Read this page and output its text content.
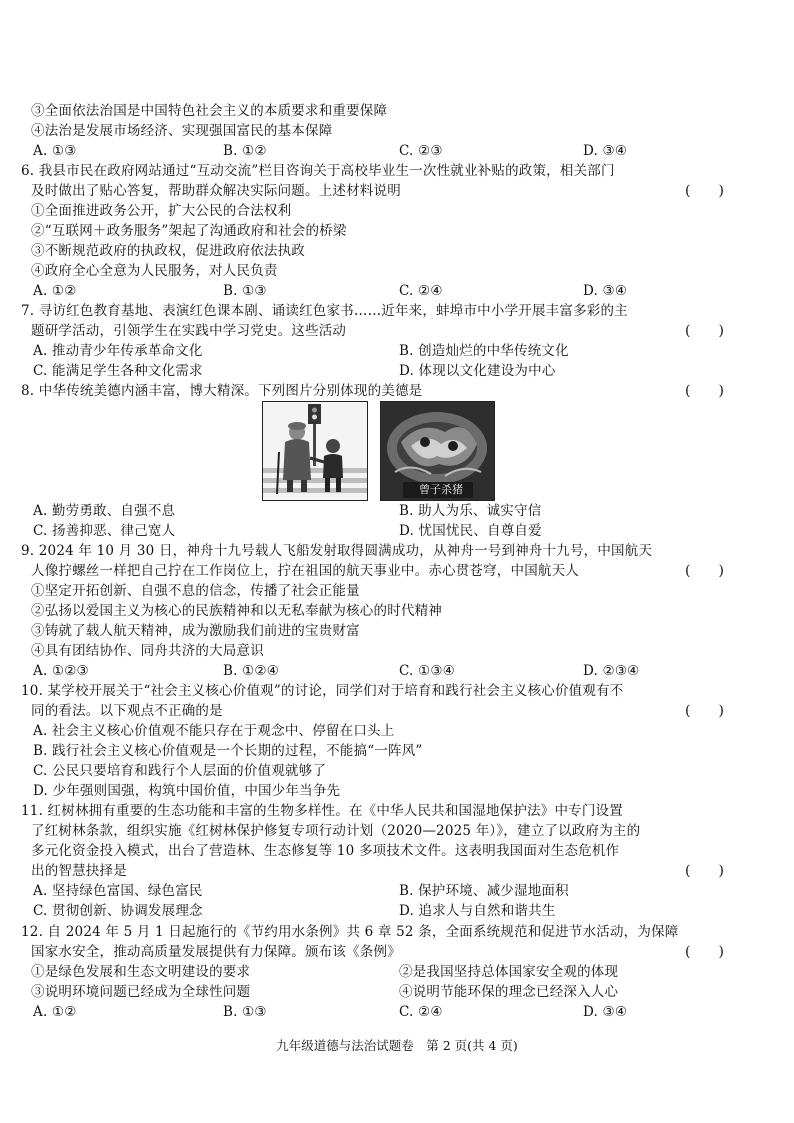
③全面依法治国是中国特色社会主义的本质要求和重要保障
④法治是发展市场经济、实现强国富民的基本保障
A. ①③	B. ①②	C. ②③	D. ③④
6. 我县市民在政府网站通过“互动交流”栏目咨询关于高校毕业生一次性就业补贴的政策，相关部门
及时做出了贴心答复，帮助群众解决实际问题。上述材料说明	(　　)
①全面推进政务公开，扩大公民的合法权利
②“互联网＋政务服务”架起了沟通政府和社会的桥梁
③不断规范政府的执政权，促进政府依法执政
④政府全心全意为人民服务，对人民负责
A. ①②	B. ①③	C. ②④	D. ③④
7. 寻访红色教育基地、表演红色课本剧、诵读红色家书……近年来，蚌埠市中小学开展丰富多彩的主
题研学活动，引领学生在实践中学习党史。这些活动	(　　)
A. 推动青少年传承革命文化	B. 创造灿烂的中华传统文化
C. 能满足学生各种文化需求	D. 体现以文化建设为中心
8. 中华传统美德内涵丰富，博大精深。下列图片分别体现的美德是	(　　)
曾子杀猪
A. 勤劳勇敢、自强不息	B. 助人为乐、诚实守信
C. 扬善抑恶、律己宽人	D. 忧国忧民、自尊自爱
9. 2024 年 10 月 30 日，神舟十九号载人飞船发射取得圆满成功，从神舟一号到神舟十九号，中国航天
人像拧螺丝一样把自己拧在工作岗位上，拧在祖国的航天事业中。赤心贯苍穹，中国航天人	(　　)
①坚定开拓创新、自强不息的信念，传播了社会正能量
②弘扬以爱国主义为核心的民族精神和以无私奉献为核心的时代精神
③铸就了载人航天精神，成为激励我们前进的宝贵财富
④具有团结协作、同舟共济的大局意识
A. ①②③	B. ①②④	C. ①③④	D. ②③④
10. 某学校开展关于“社会主义核心价值观”的讨论，同学们对于培育和践行社会主义核心价值观有不
同的看法。以下观点不正确的是	(　　)
A. 社会主义核心价值观不能只存在于观念中、停留在口头上
B. 践行社会主义核心价值观是一个长期的过程，不能搞“一阵风”
C. 公民只要培育和践行个人层面的价值观就够了
D. 少年强则国强，构筑中国价值，中国少年当争先
11. 红树林拥有重要的生态功能和丰富的生物多样性。在《中华人民共和国湿地保护法》中专门设置
了红树林条款，组织实施《红树林保护修复专项行动计划（2020—2025 年）》，建立了以政府为主的
多元化资金投入模式，出台了营造林、生态修复等 10 多项技术文件。这表明我国面对生态危机作
出的智慧抉择是	(　　)
A. 坚持绿色富国、绿色富民	B. 保护环境、减少湿地面积
C. 贯彻创新、协调发展理念	D. 追求人与自然和谐共生
12. 自 2024 年 5 月 1 日起施行的《节约用水条例》共 6 章 52 条，全面系统规范和促进节水活动，为保障
国家水安全，推动高质量发展提供有力保障。颁布该《条例》	(　　)
①是绿色发展和生态文明建设的要求	②是我国坚持总体国家安全观的体现
③说明环境问题已经成为全球性问题	④说明节能环保的理念已经深入人心
A. ①②	B. ①③	C. ②④	D. ③④
九年级道德与法治试题卷　第 2 页(共 4 页)
